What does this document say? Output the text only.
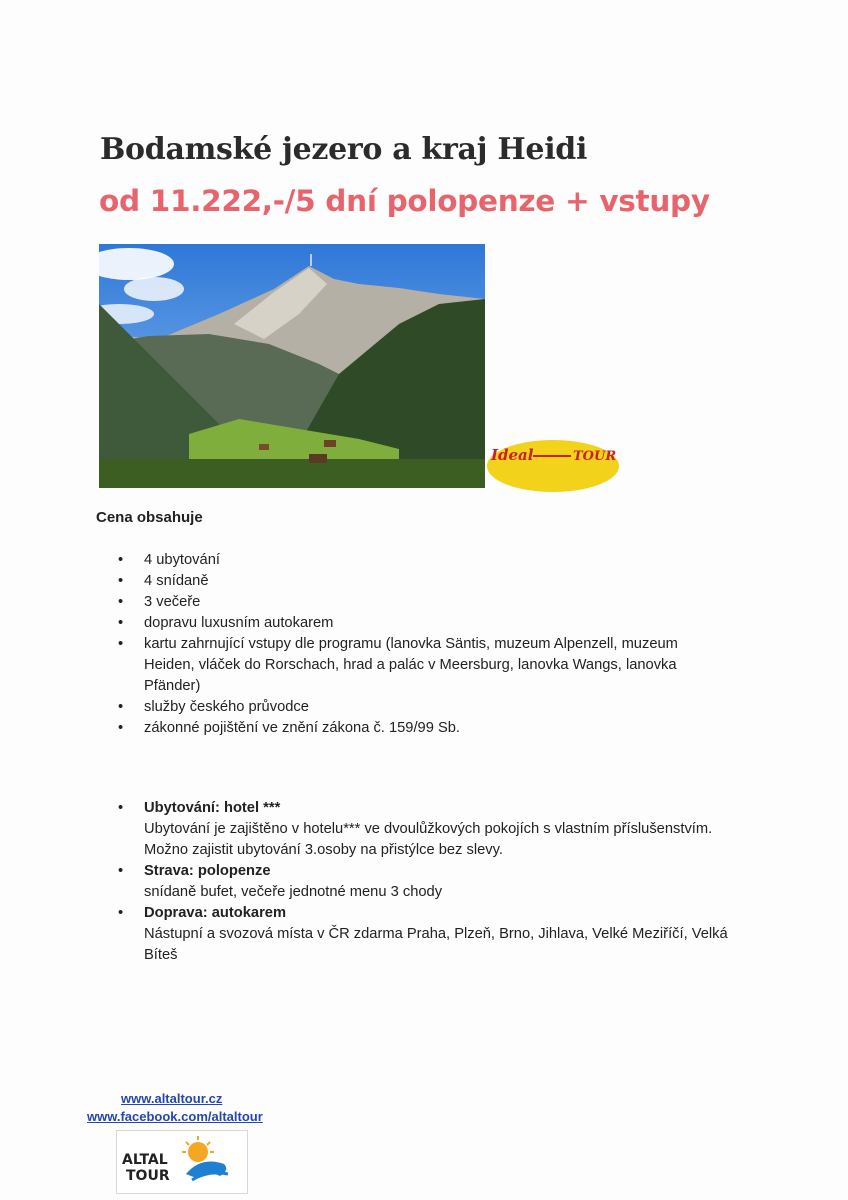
Bodamské jezero a kraj Heidi
od 11.222,-/5 dní polopenze + vstupy
Ideal	TOUR
Cena obsahuje
• 4 ubytování
• 4 snídaně
• 3 večeře
• dopravu luxusním autokarem
• kartu zahrnující vstupy dle programu (lanovka Säntis, muzeum Alpenzell, muzeum Heiden, vláček do Rorschach, hrad a palác v Meersburg, lanovka Wangs, lanovka Pfänder)
• služby českého průvodce
• zákonné pojištění ve znění zákona č. 159/99 Sb.
• Ubytování: hotel ***
Ubytování je zajištěno v hotelu*** ve dvoulůžkových pokojích s vlastním příslušenstvím. Možno zajistit ubytování 3.osoby na přistýlce bez slevy.
• Strava: polopenze
snídaně bufet, večeře jednotné menu 3 chody
• Doprava: autokarem
Nástupní a svozová místa v ČR zdarma Praha, Plzeň, Brno, Jihlava, Velké Meziříčí, Velká Bíteš
www.altaltour.cz
www.facebook.com/altaltour
ALTAL
TOUR
